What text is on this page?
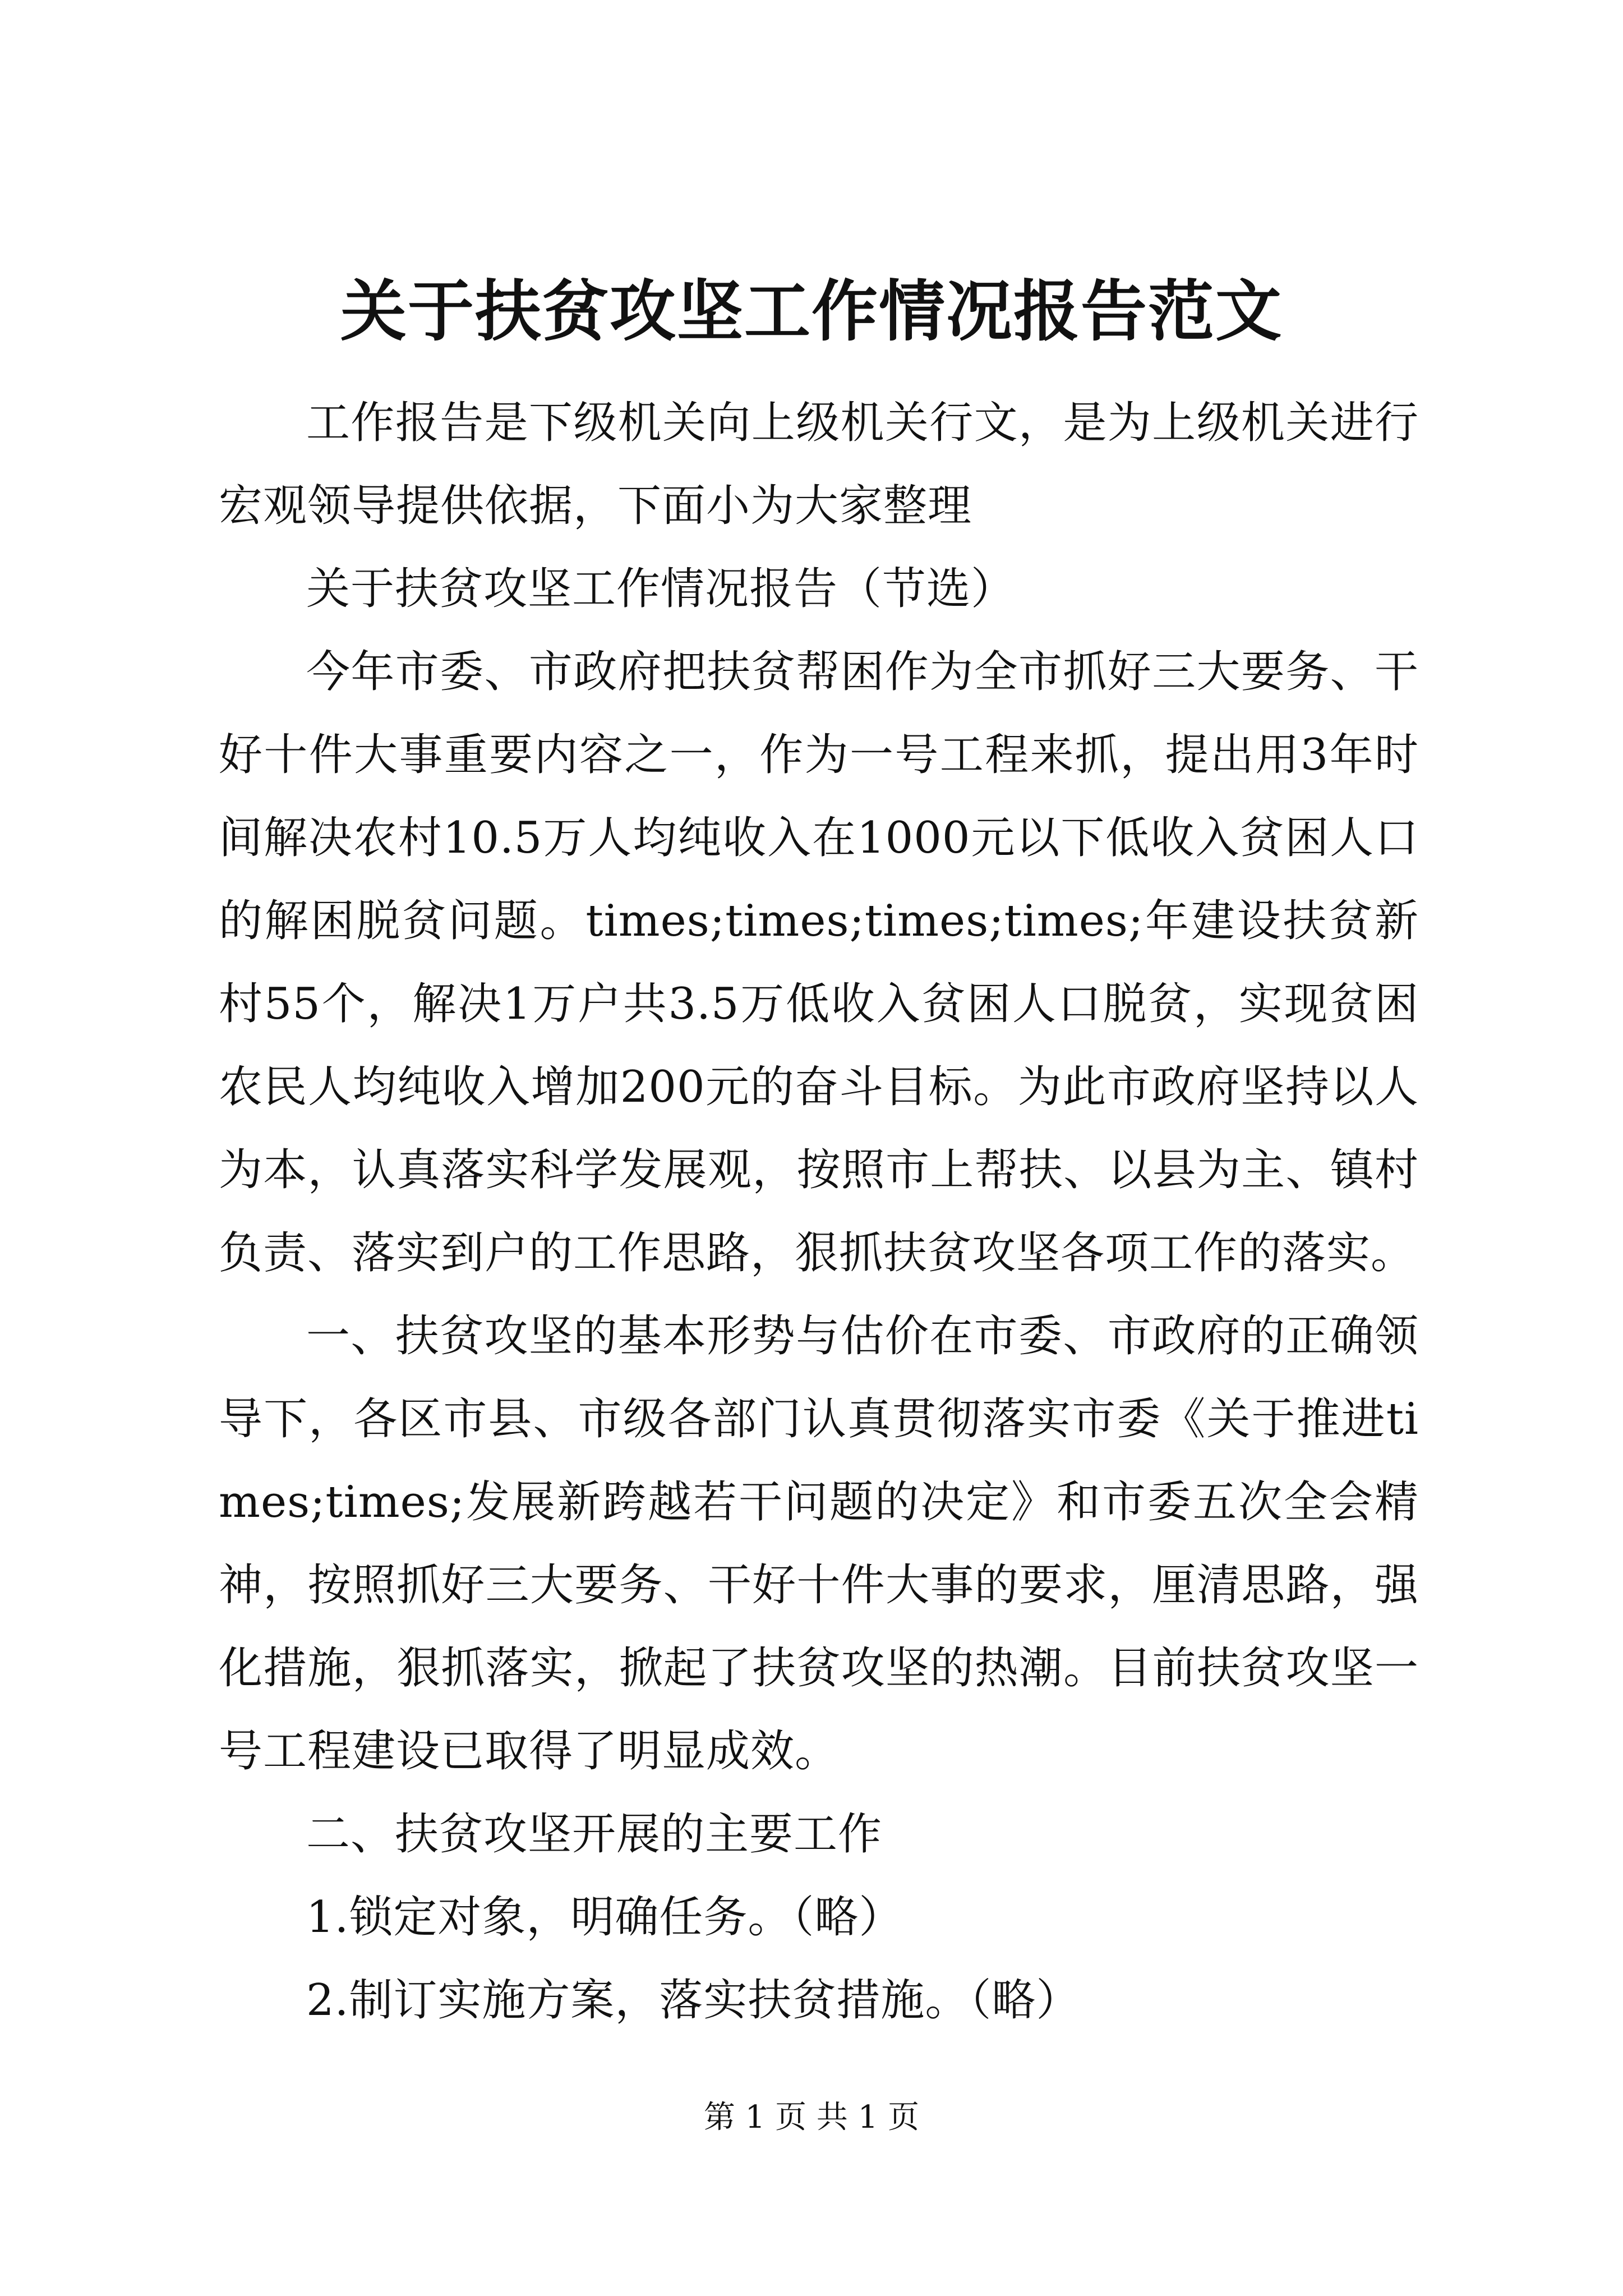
关于扶贫攻坚工作情况报告范文

工作报告是下级机关向上级机关行文，是为上级机关进行宏观领导提供依据，下面小为大家整理

关于扶贫攻坚工作情况报告（节选）

今年市委、市政府把扶贫帮困作为全市抓好三大要务、干好十件大事重要内容之一，作为一号工程来抓，提出用3年时间解决农村10.5万人均纯收入在1000元以下低收入贫困人口的解困脱贫问题。times;times;times;times;年建设扶贫新村55个，解决1万户共3.5万低收入贫困人口脱贫，实现贫困农民人均纯收入增加200元的奋斗目标。为此市政府坚持以人为本，认真落实科学发展观，按照市上帮扶、以县为主、镇村负责、落实到户的工作思路，狠抓扶贫攻坚各项工作的落实。

一、扶贫攻坚的基本形势与估价在市委、市政府的正确领导下，各区市县、市级各部门认真贯彻落实市委《关于推进times;times;发展新跨越若干问题的决定》和市委五次全会精神，按照抓好三大要务、干好十件大事的要求，厘清思路，强化措施，狠抓落实，掀起了扶贫攻坚的热潮。目前扶贫攻坚一号工程建设已取得了明显成效。

二、扶贫攻坚开展的主要工作

1.锁定对象，明确任务。（略）

2.制订实施方案，落实扶贫措施。（略）

第 1 页 共 1 页
